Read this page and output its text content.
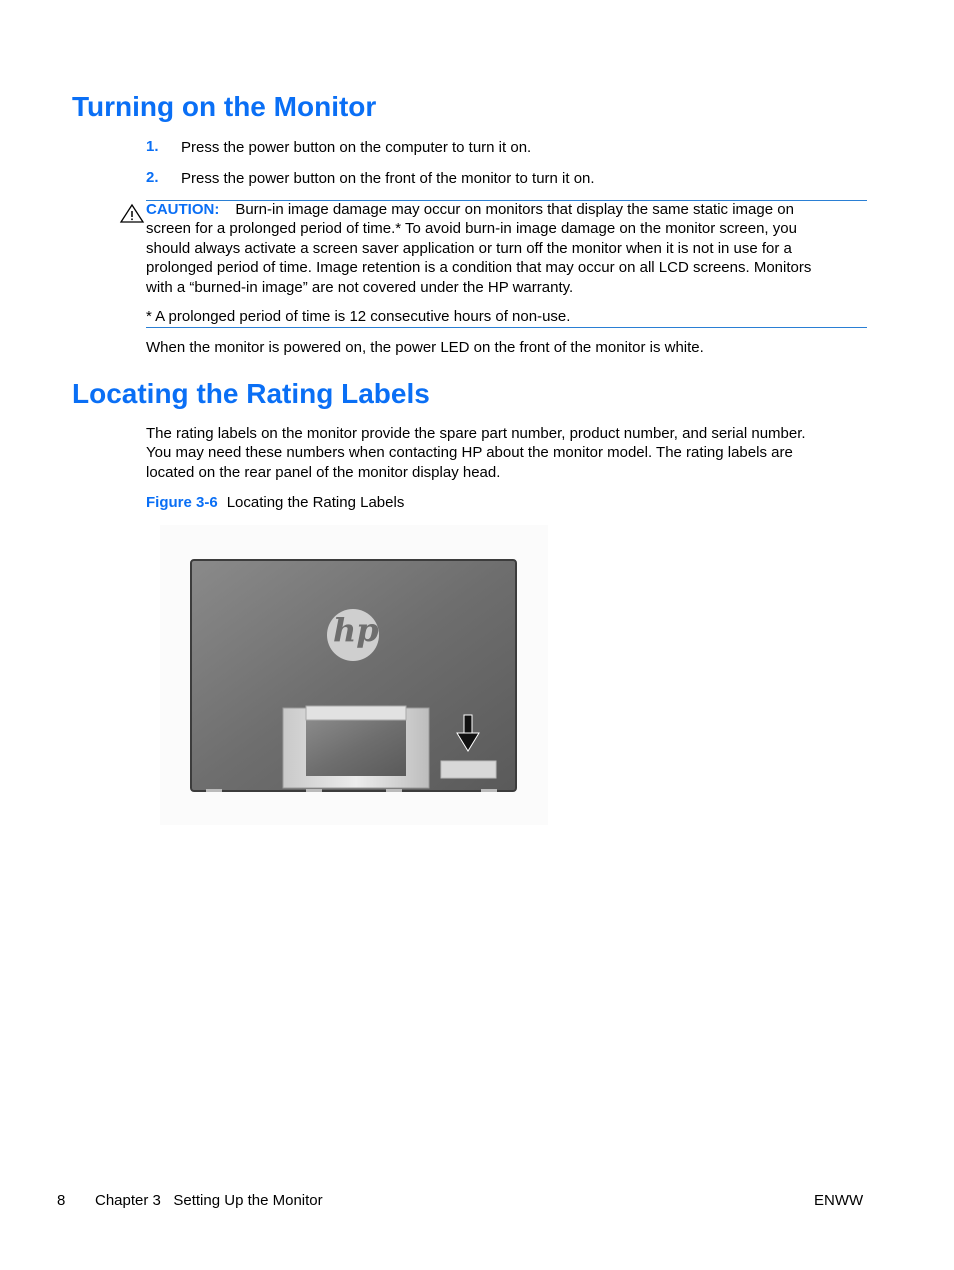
Turning on the Monitor
1. Press the power button on the computer to turn it on.

2. Press the power button on the front of the monitor to turn it on.

CAUTION: Burn-in image damage may occur on monitors that display the same static image on
screen for a prolonged period of time.* To avoid burn-in image damage on the monitor screen, you
should always activate a screen saver application or turn off the monitor when it is not in use for a
prolonged period of time. Image retention is a condition that may occur on all LCD screens. Monitors
with a “burned-in image” are not covered under the HP warranty.

* A prolonged period of time is 12 consecutive hours of non-use.

When the monitor is powered on, the power LED on the front of the monitor is white.

Locating the Rating Labels
The rating labels on the monitor provide the spare part number, product number, and serial number.
You may need these numbers when contacting HP about the monitor model. The rating labels are
located on the rear panel of the monitor display head.

Figure 3-6 Locating the Rating Labels

hp
8 Chapter 3   Setting Up the Monitor	ENWW
